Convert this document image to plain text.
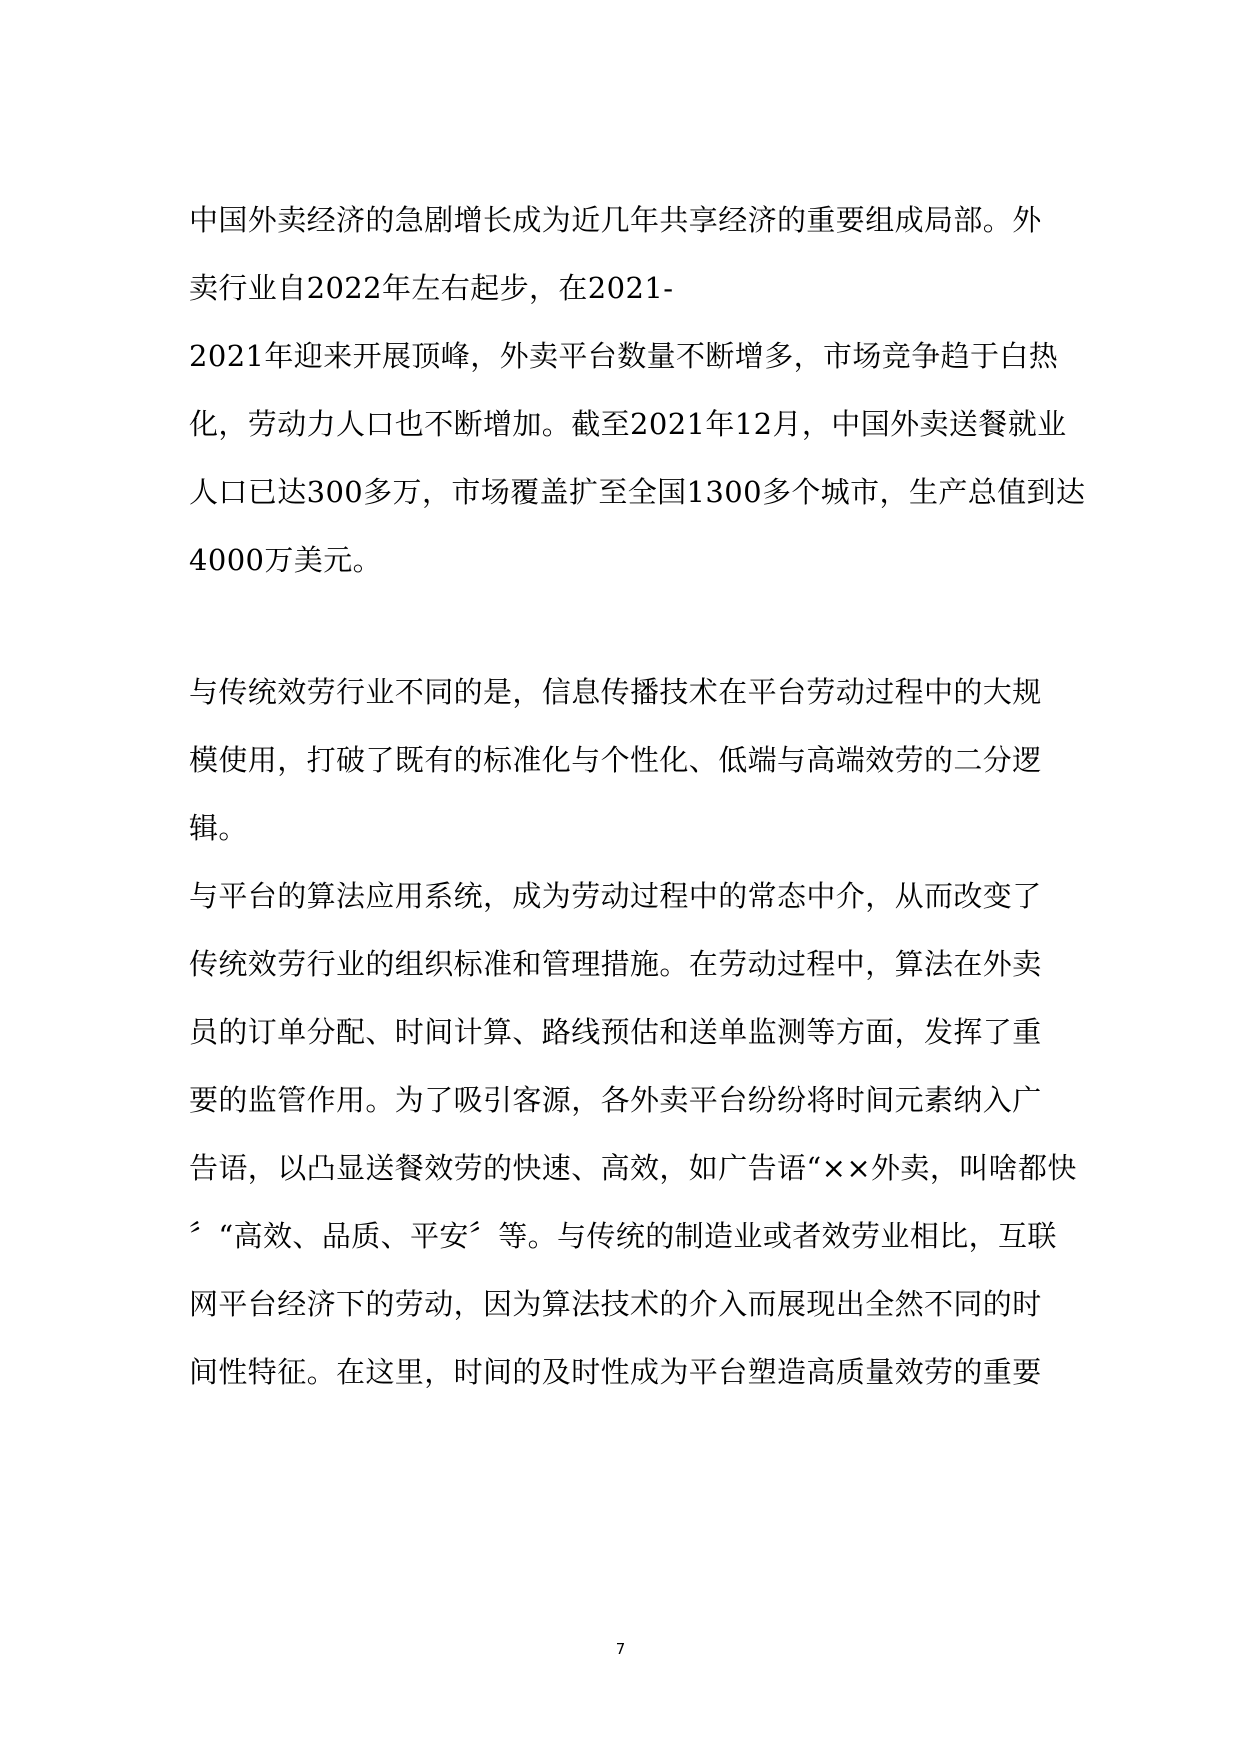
中国外卖经济的急剧增长成为近几年共享经济的重要组成局部。外
卖行业自2022年左右起步，在2021-
2021年迎来开展顶峰，外卖平台数量不断增多，市场竞争趋于白热
化，劳动力人口也不断增加。截至2021年12月，中国外卖送餐就业
人口已达300多万，市场覆盖扩至全国1300多个城市，生产总值到达
4000万美元。
与传统效劳行业不同的是，信息传播技术在平台劳动过程中的大规
模使用，打破了既有的标准化与个性化、低端与高端效劳的二分逻
辑。
与平台的算法应用系统，成为劳动过程中的常态中介，从而改变了
传统效劳行业的组织标准和管理措施。在劳动过程中，算法在外卖
员的订单分配、时间计算、路线预估和送单监测等方面，发挥了重
要的监管作用。为了吸引客源，各外卖平台纷纷将时间元素纳入广
告语，以凸显送餐效劳的快速、高效，如广告语“××外卖，叫啥都快
〞“高效、品质、平安〞等。与传统的制造业或者效劳业相比，互联
网平台经济下的劳动，因为算法技术的介入而展现出全然不同的时
间性特征。在这里，时间的及时性成为平台塑造高质量效劳的重要
7
